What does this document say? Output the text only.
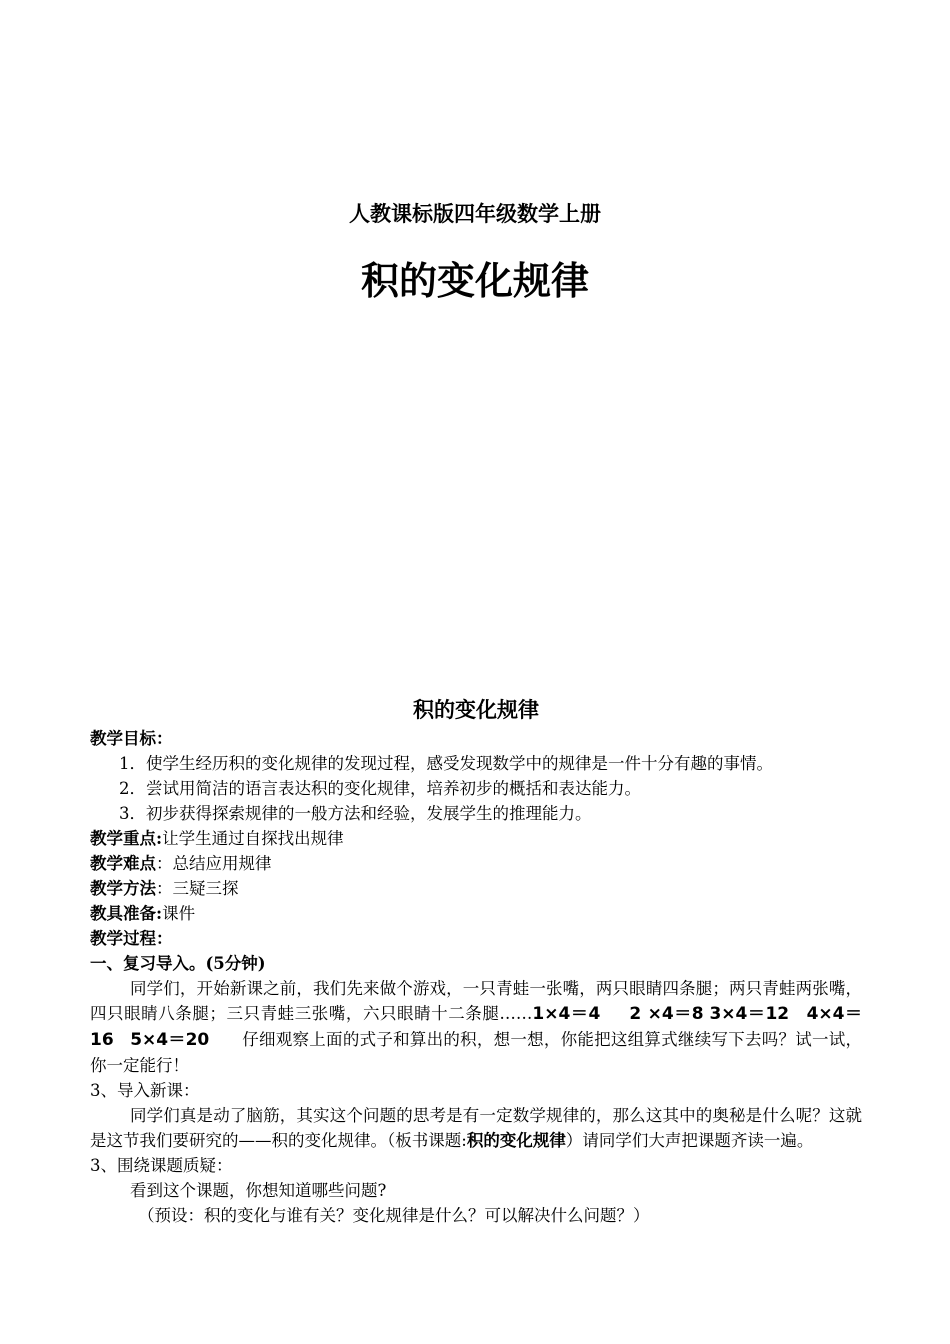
人教课标版四年级数学上册
积的变化规律
积的变化规律
教学目标：
1．使学生经历积的变化规律的发现过程，感受发现数学中的规律是一件十分有趣的事情。
2．尝试用简洁的语言表达积的变化规律，培养初步的概括和表达能力。
3．初步获得探索规律的一般方法和经验，发展学生的推理能力。
教学重点:让学生通过自探找出规律
教学难点：总结应用规律
教学方法：三疑三探
教具准备:课件
教学过程：
一、复习导入。(5分钟)
同学们，开始新课之前，我们先来做个游戏，一只青蛙一张嘴，两只眼睛四条腿；两只青蛙两张嘴，四只眼睛八条腿；三只青蛙三张嘴，六只眼睛十二条腿……1×4＝4 2 ×4＝8 3×4＝12 4×4＝16 5×4＝20 仔细观察上面的式子和算出的积，想一想，你能把这组算式继续写下去吗？试一试，你一定能行！
3、导入新课：
同学们真是动了脑筋，其实这个问题的思考是有一定数学规律的，那么这其中的奥秘是什么呢？这就是这节我们要研究的——积的变化规律。（板书课题:积的变化规律）请同学们大声把课题齐读一遍。
3、围绕课题质疑：
看到这个课题，你想知道哪些问题?
（预设：积的变化与谁有关？变化规律是什么？可以解决什么问题？）
